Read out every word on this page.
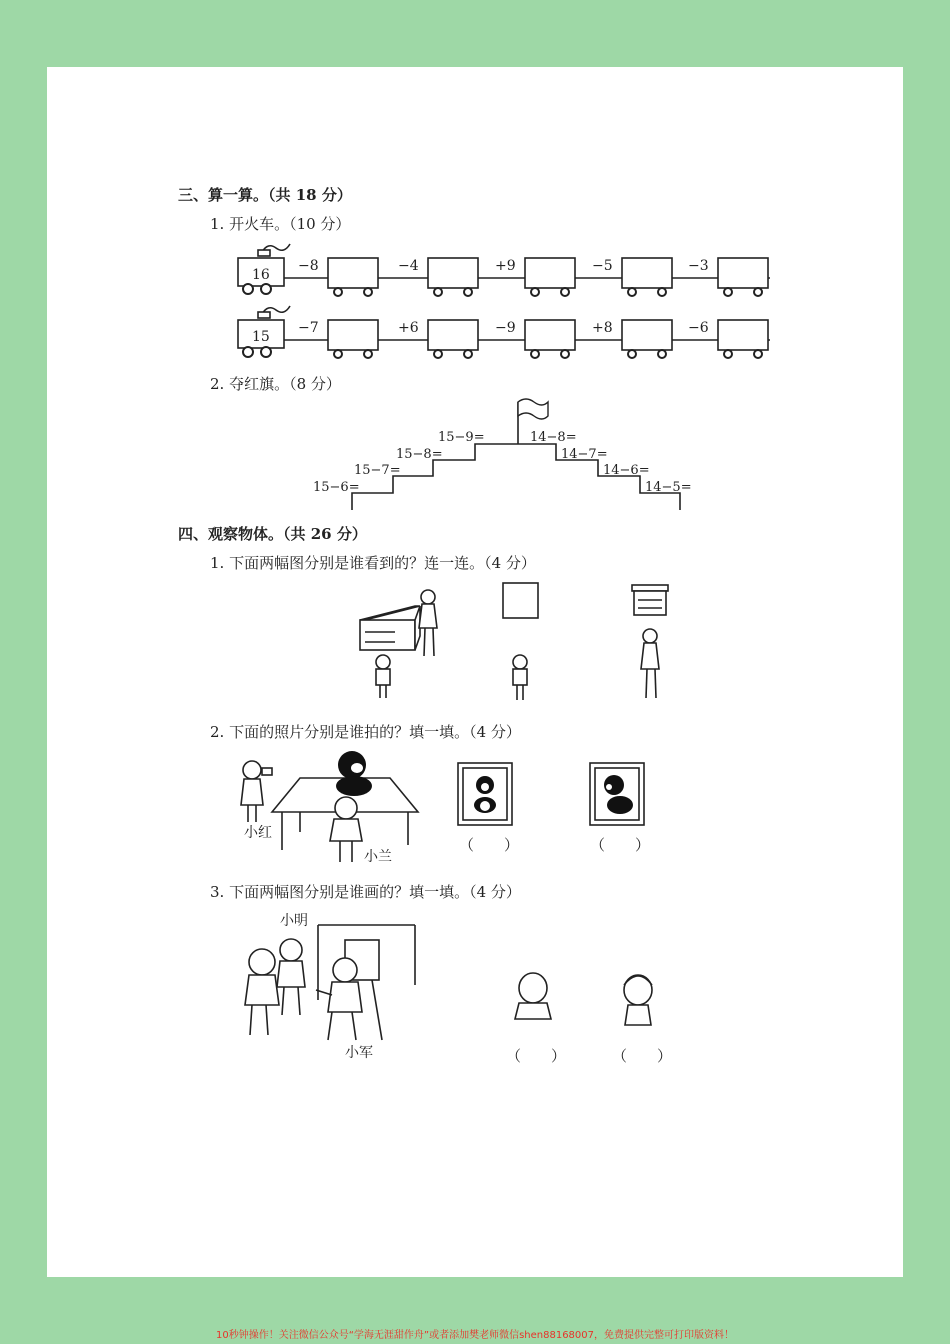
三、算一算。（共 18 分）
1. 开火车。（10 分）
16
−8	−4	+9	−5	−3
15
−7	+6	−9	+8	−6
15−6=
15−7=
15−8=
15−9=	14−8=
14−7=
14−6=
14−5=
2. 夺红旗。（8 分）
四、观察物体。（共 26 分）
1. 下面两幅图分别是谁看到的？连一连。（4 分）
2. 下面的照片分别是谁拍的？填一填。（4 分）
小红
小兰
（　　）	（　　）
3. 下面两幅图分别是谁画的？填一填。（4 分）
小明
小军	（　　）	（　　）
10秒钟操作！关注微信公众号“学海无涯甜作舟”或者添加樊老师微信shen88168007，免费提供完整可打印版资料！
